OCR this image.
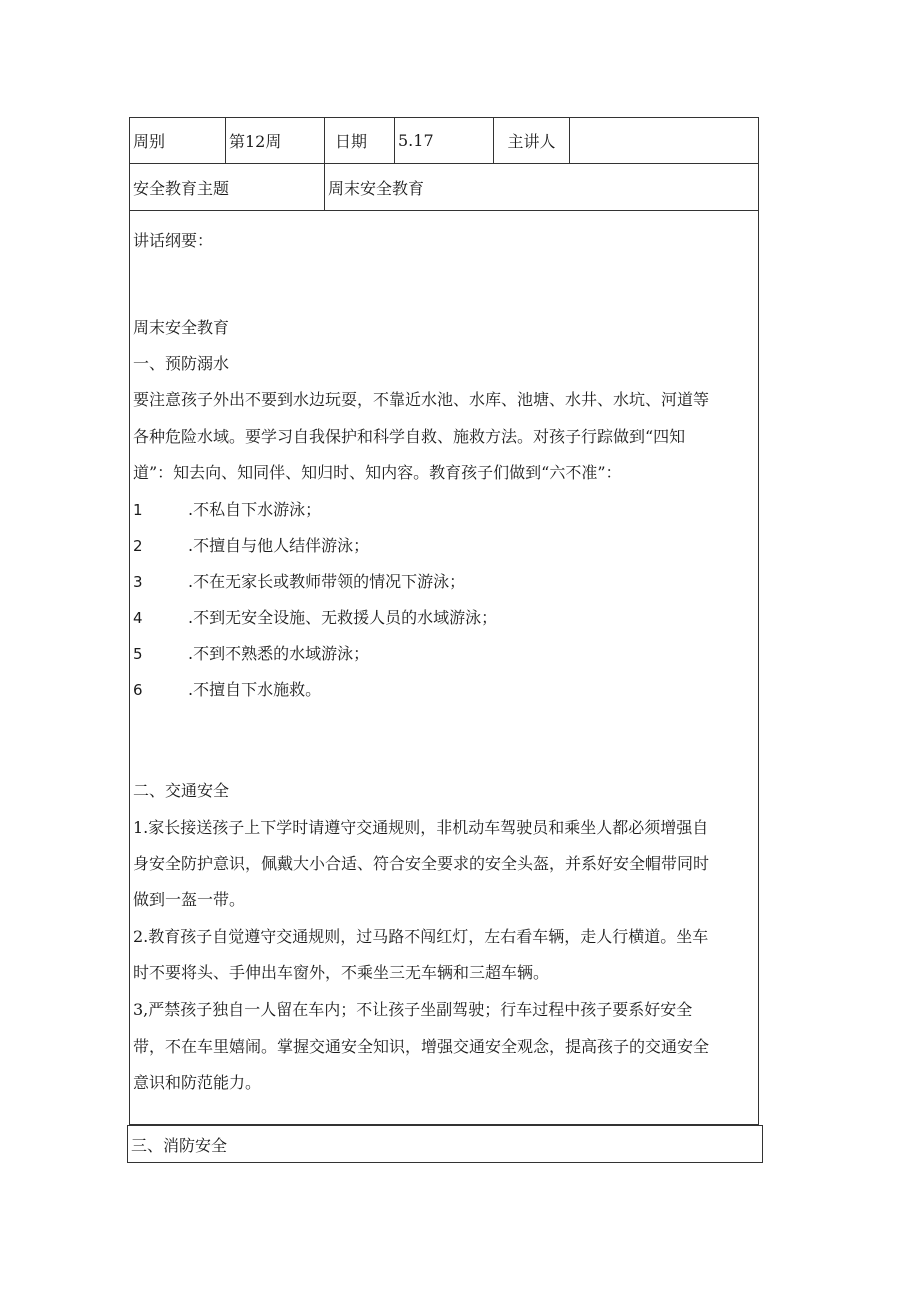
周别	第12周	日期	5.17	主讲人
安全教育主题	周末安全教育
讲话纲要：
周末安全教育
一、预防溺水
要注意孩子外出不要到水边玩耍，不靠近水池、水库、池塘、水井、水坑、河道等
各种危险水域。要学习自我保护和科学自救、施救方法。对孩子行踪做到“四知
道”：知去向、知同伴、知归时、知内容。教育孩子们做到“六不准”：
1	.不私自下水游泳；
2	.不擅自与他人结伴游泳；
3	.不在无家长或教师带领的情况下游泳；
4	.不到无安全设施、无救援人员的水域游泳；
5	.不到不熟悉的水域游泳；
6	.不擅自下水施救。
二、交通安全
1.家长接送孩子上下学时请遵守交通规则，非机动车驾驶员和乘坐人都必须增强自
身安全防护意识，佩戴大小合适、符合安全要求的安全头盔，并系好安全帽带同时
做到一盔一带。
2.教育孩子自觉遵守交通规则，过马路不闯红灯，左右看车辆，走人行横道。坐车
时不要将头、手伸出车窗外，不乘坐三无车辆和三超车辆。
3,严禁孩子独自一人留在车内；不让孩子坐副驾驶；行车过程中孩子要系好安全
带，不在车里嬉闹。掌握交通安全知识，增强交通安全观念，提高孩子的交通安全
意识和防范能力。
三、消防安全
